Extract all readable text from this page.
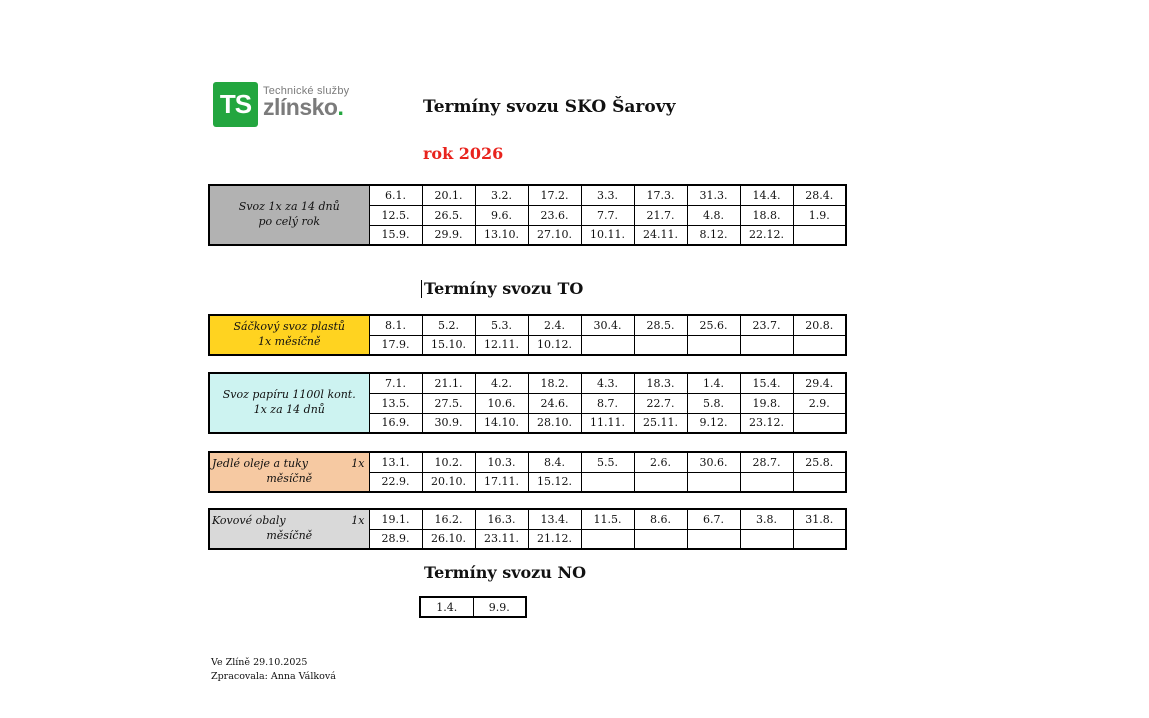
TS	Technické služby
zlínsko.	Termíny svozu SKO Šarovy
rok 2026
Svoz 1x za 14 dnů
po celý rok	6.1.	20.1.	3.2.	17.2.	3.3.	17.3.	31.3.	14.4.	28.4.
	12.5.	26.5.	9.6.	23.6.	7.7.	21.7.	4.8.	18.8.	1.9.
	15.9.	29.9.	13.10.	27.10.	10.11.	24.11.	8.12.	22.12.	
Termíny svozu TO
Sáčkový svoz plastů
1x měsíčně	8.1.	5.2.	5.3.	2.4.	30.4.	28.5.	25.6.	23.7.	20.8.
	17.9.	15.10.	12.11.	10.12.					
Svoz papíru 1100l kont.
1x za 14 dnů	7.1.	21.1.	4.2.	18.2.	4.3.	18.3.	1.4.	15.4.	29.4.
	13.5.	27.5.	10.6.	24.6.	8.7.	22.7.	5.8.	19.8.	2.9.
	16.9.	30.9.	14.10.	28.10.	11.11.	25.11.	9.12.	23.12.	
Jedlé oleje a tuky 1x
měsíčně	13.1.	10.2.	10.3.	8.4.	5.5.	2.6.	30.6.	28.7.	25.8.
	22.9.	20.10.	17.11.	15.12.					
Kovové obaly 1x
měsíčně	19.1.	16.2.	16.3.	13.4.	11.5.	8.6.	6.7.	3.8.	31.8.
	28.9.	26.10.	23.11.	21.12.					
Termíny svozu NO
1.4.	9.9.
Ve Zlíně 29.10.2025
Zpracovala: Anna Válková
